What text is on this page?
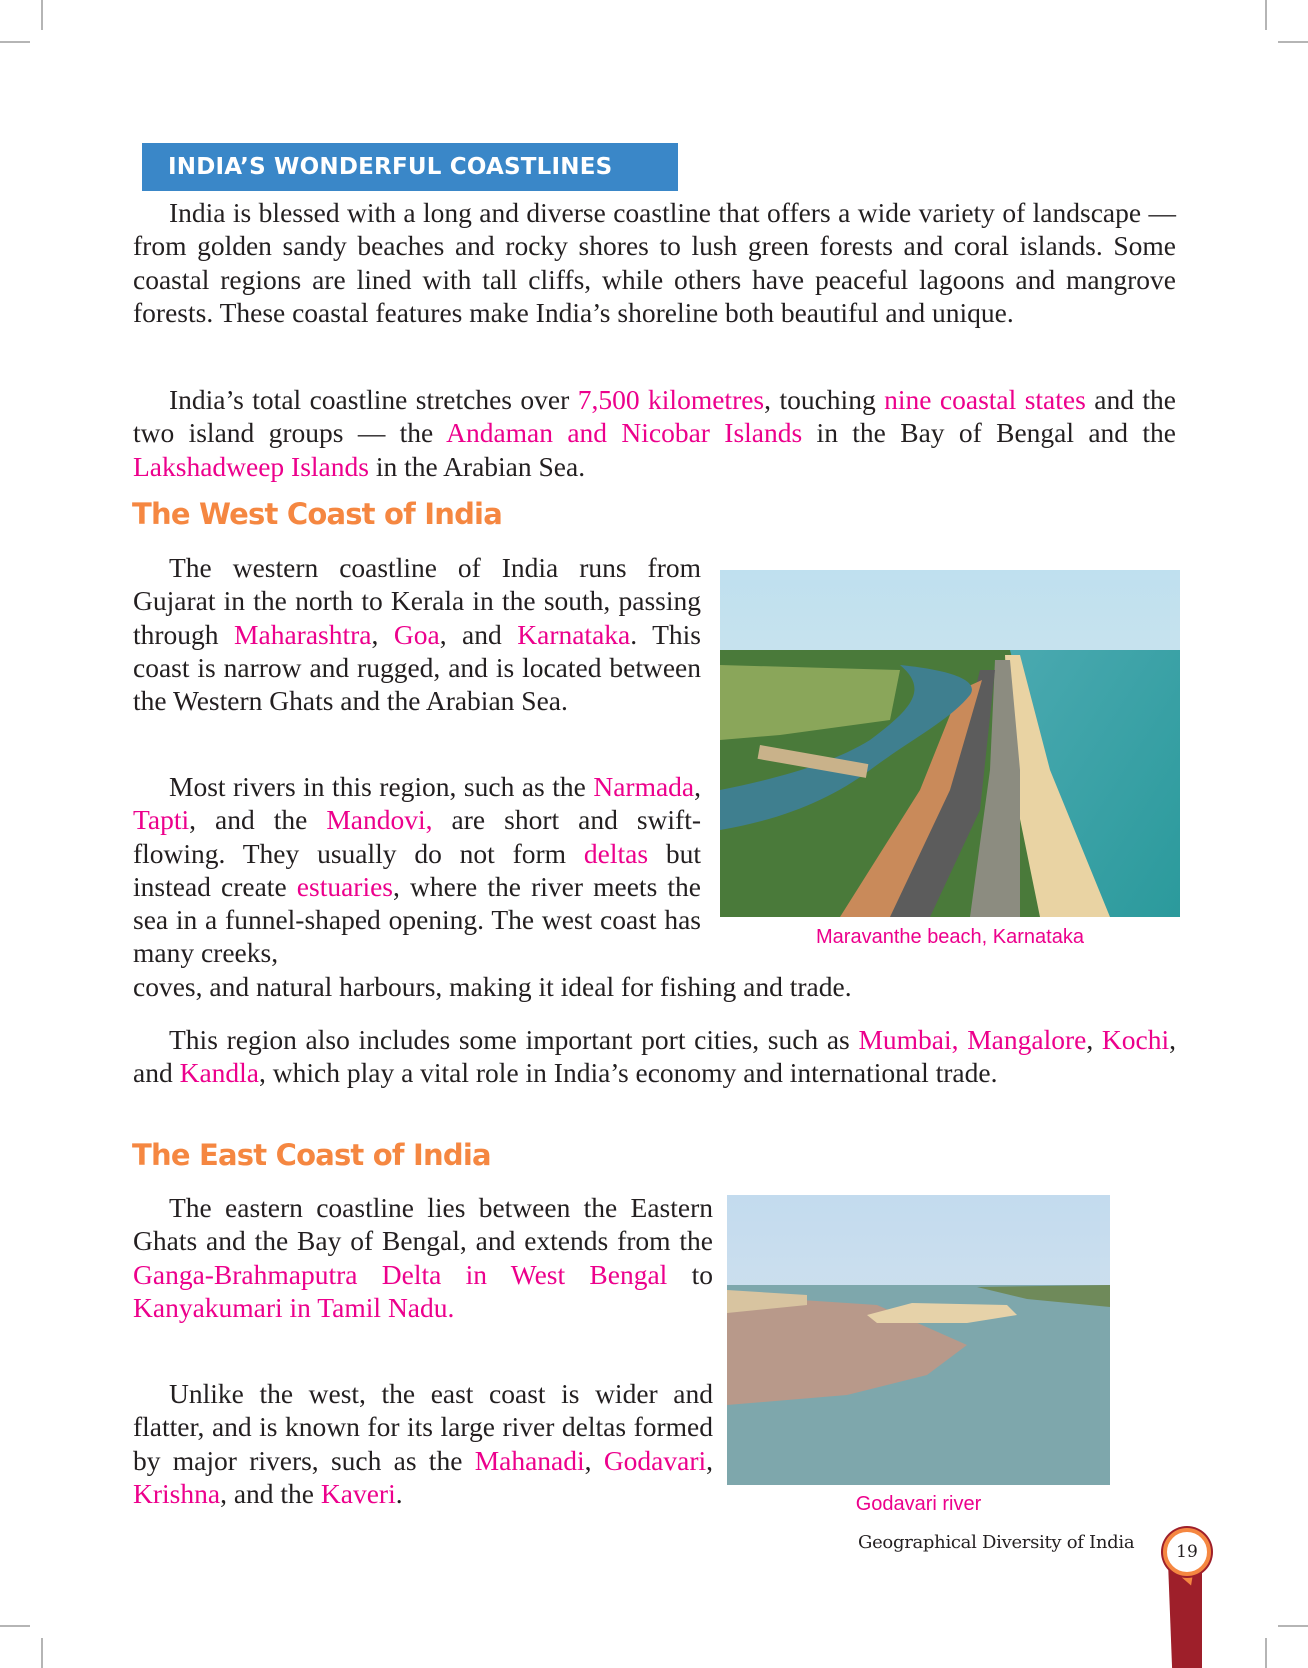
INDIA’S WONDERFUL COASTLINES

India is blessed with a long and diverse coastline that offers a wide variety of landscape — from golden sandy beaches and rocky shores to lush green forests and coral islands. Some coastal regions are lined with tall cliffs, while others have peaceful lagoons and mangrove forests. These coastal features make India’s shoreline both beautiful and unique.

India’s total coastline stretches over 7,500 kilometres, touching nine coastal states and the two island groups — the Andaman and Nicobar Islands in the Bay of Bengal and the Lakshadweep Islands in the Arabian Sea.

The West Coast of India

The western coastline of India runs from Gujarat in the north to Kerala in the south, passing through Maharashtra, Goa, and Karnataka. This coast is narrow and rugged, and is located between the Western Ghats and the Arabian Sea.

Most rivers in this region, such as the Narmada, Tapti, and the Mandovi, are short and swift-flowing. They usually do not form deltas but instead create estuaries, where the river meets the sea in a funnel-shaped opening. The west coast has many creeks,

coves, and natural harbours, making it ideal for fishing and trade.

Maravanthe beach, Karnataka

This region also includes some important port cities, such as Mumbai, Mangalore, Kochi, and Kandla, which play a vital role in India’s economy and international trade.

The East Coast of India

The eastern coastline lies between the Eastern Ghats and the Bay of Bengal, and extends from the Ganga-Brahmaputra Delta in West Bengal to Kanyakumari in Tamil Nadu.

Unlike the west, the east coast is wider and flatter, and is known for its large river deltas formed by major rivers, such as the Mahanadi, Godavari, Krishna, and the Kaveri.	Godavari river
Geographical Diversity of India	19
